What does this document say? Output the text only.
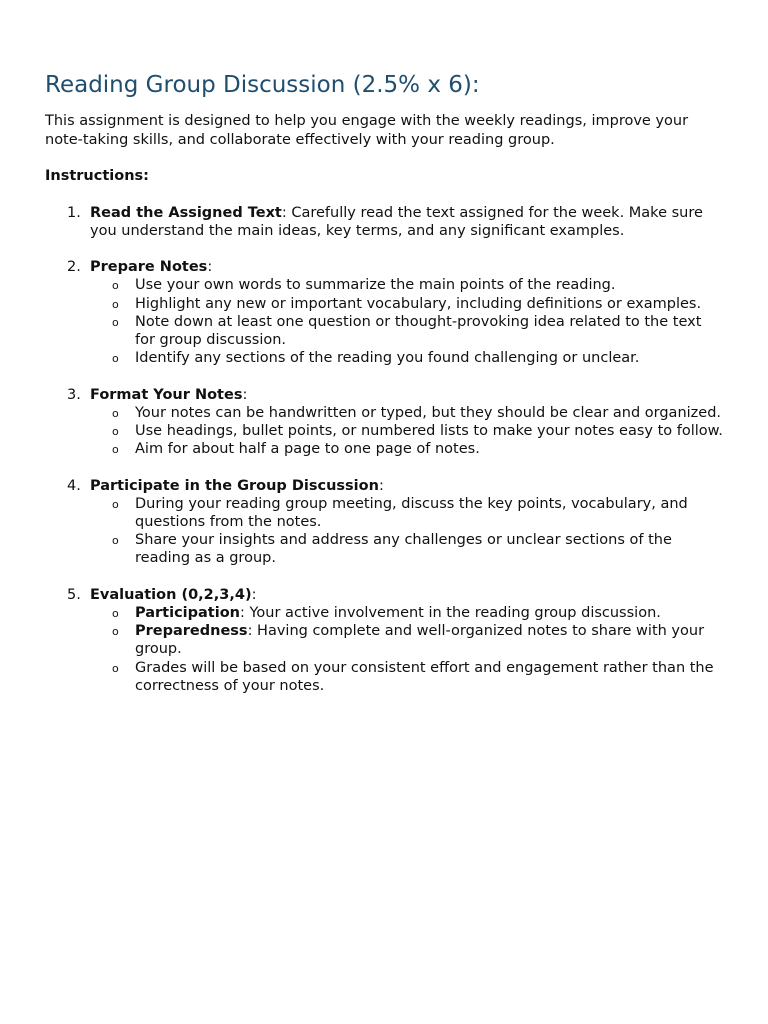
Reading Group Discussion (2.5% x 6):

This assignment is designed to help you engage with the weekly readings, improve your note-taking skills, and collaborate effectively with your reading group.

Instructions:

1. Read the Assigned Text: Carefully read the text assigned for the week. Make sure you understand the main ideas, key terms, and any significant examples.
2. Prepare Notes:
o Use your own words to summarize the main points of the reading.
o Highlight any new or important vocabulary, including definitions or examples.
o Note down at least one question or thought-provoking idea related to the text for group discussion.
o Identify any sections of the reading you found challenging or unclear.
3. Format Your Notes:
o Your notes can be handwritten or typed, but they should be clear and organized.
o Use headings, bullet points, or numbered lists to make your notes easy to follow.
o Aim for about half a page to one page of notes.
4. Participate in the Group Discussion:
o During your reading group meeting, discuss the key points, vocabulary, and questions from the notes.
o Share your insights and address any challenges or unclear sections of the reading as a group.
5. Evaluation (0,2,3,4):
o Participation: Your active involvement in the reading group discussion.
o Preparedness: Having complete and well-organized notes to share with your group.
o Grades will be based on your consistent effort and engagement rather than the correctness of your notes.
